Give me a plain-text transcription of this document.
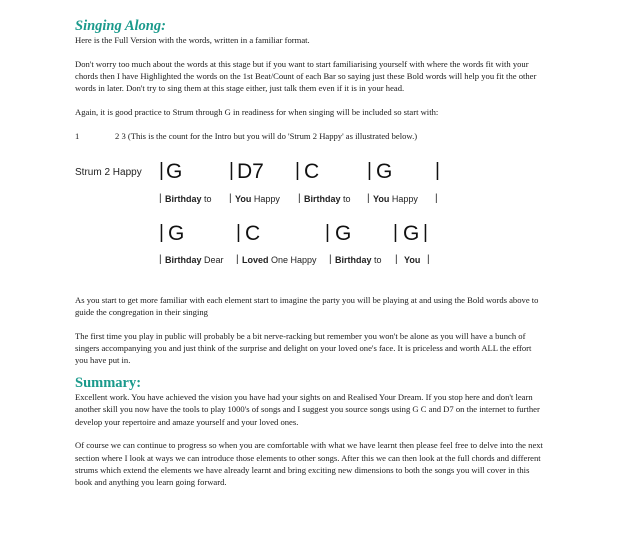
Singing Along:

Here is the Full Version with the words, written in a familiar format.

Don't worry too much about the words at this stage but if you want to start familiarising yourself with where the words fit with your chords then I have Highlighted the words on the 1st Beat/Count of each Bar so saying just these Bold words will help you fit the other words in later. Don't try to sing them at this stage either, just talk them even if it is in your head.

Again, it is good practice to Strum through G in readiness for when singing will be included so start with:

1	2 3 (This is the count for the Intro but you will do 'Strum 2 Happy' as illustrated below.)
Strum 2 Happy | G | D7 | C	| G |
| Birthday to | You Happy | Birthday to | You Happy |
| G	| C	| G | G |
| Birthday Dear | Loved One Happy | Birthday to | You |

As you start to get more familiar with each element start to imagine the party you will be playing at and using the Bold words above to guide the congregation in their singing

The first time you play in public will probably be a bit nerve-racking but remember you won't be alone as you will have a bunch of singers accompanying you and just think of the surprise and delight on your loved one's face. It is priceless and worth ALL the effort you have put in.

Summary:

Excellent work. You have achieved the vision you have had your sights on and Realised Your Dream. If you stop here and don't learn another skill you now have the tools to play 1000's of songs and I suggest you source songs using G C and D7 on the internet to further develop your repertoire and amaze yourself and your loved ones.

Of course we can continue to progress so when you are comfortable with what we have learnt then please feel free to delve into the next section where I look at ways we can introduce those elements to other songs. After this we can then look at the full chords and different strums which extend the elements we have already learnt and bring exciting new dimensions to both the songs you will cover in this book and anything you learn going forward.
